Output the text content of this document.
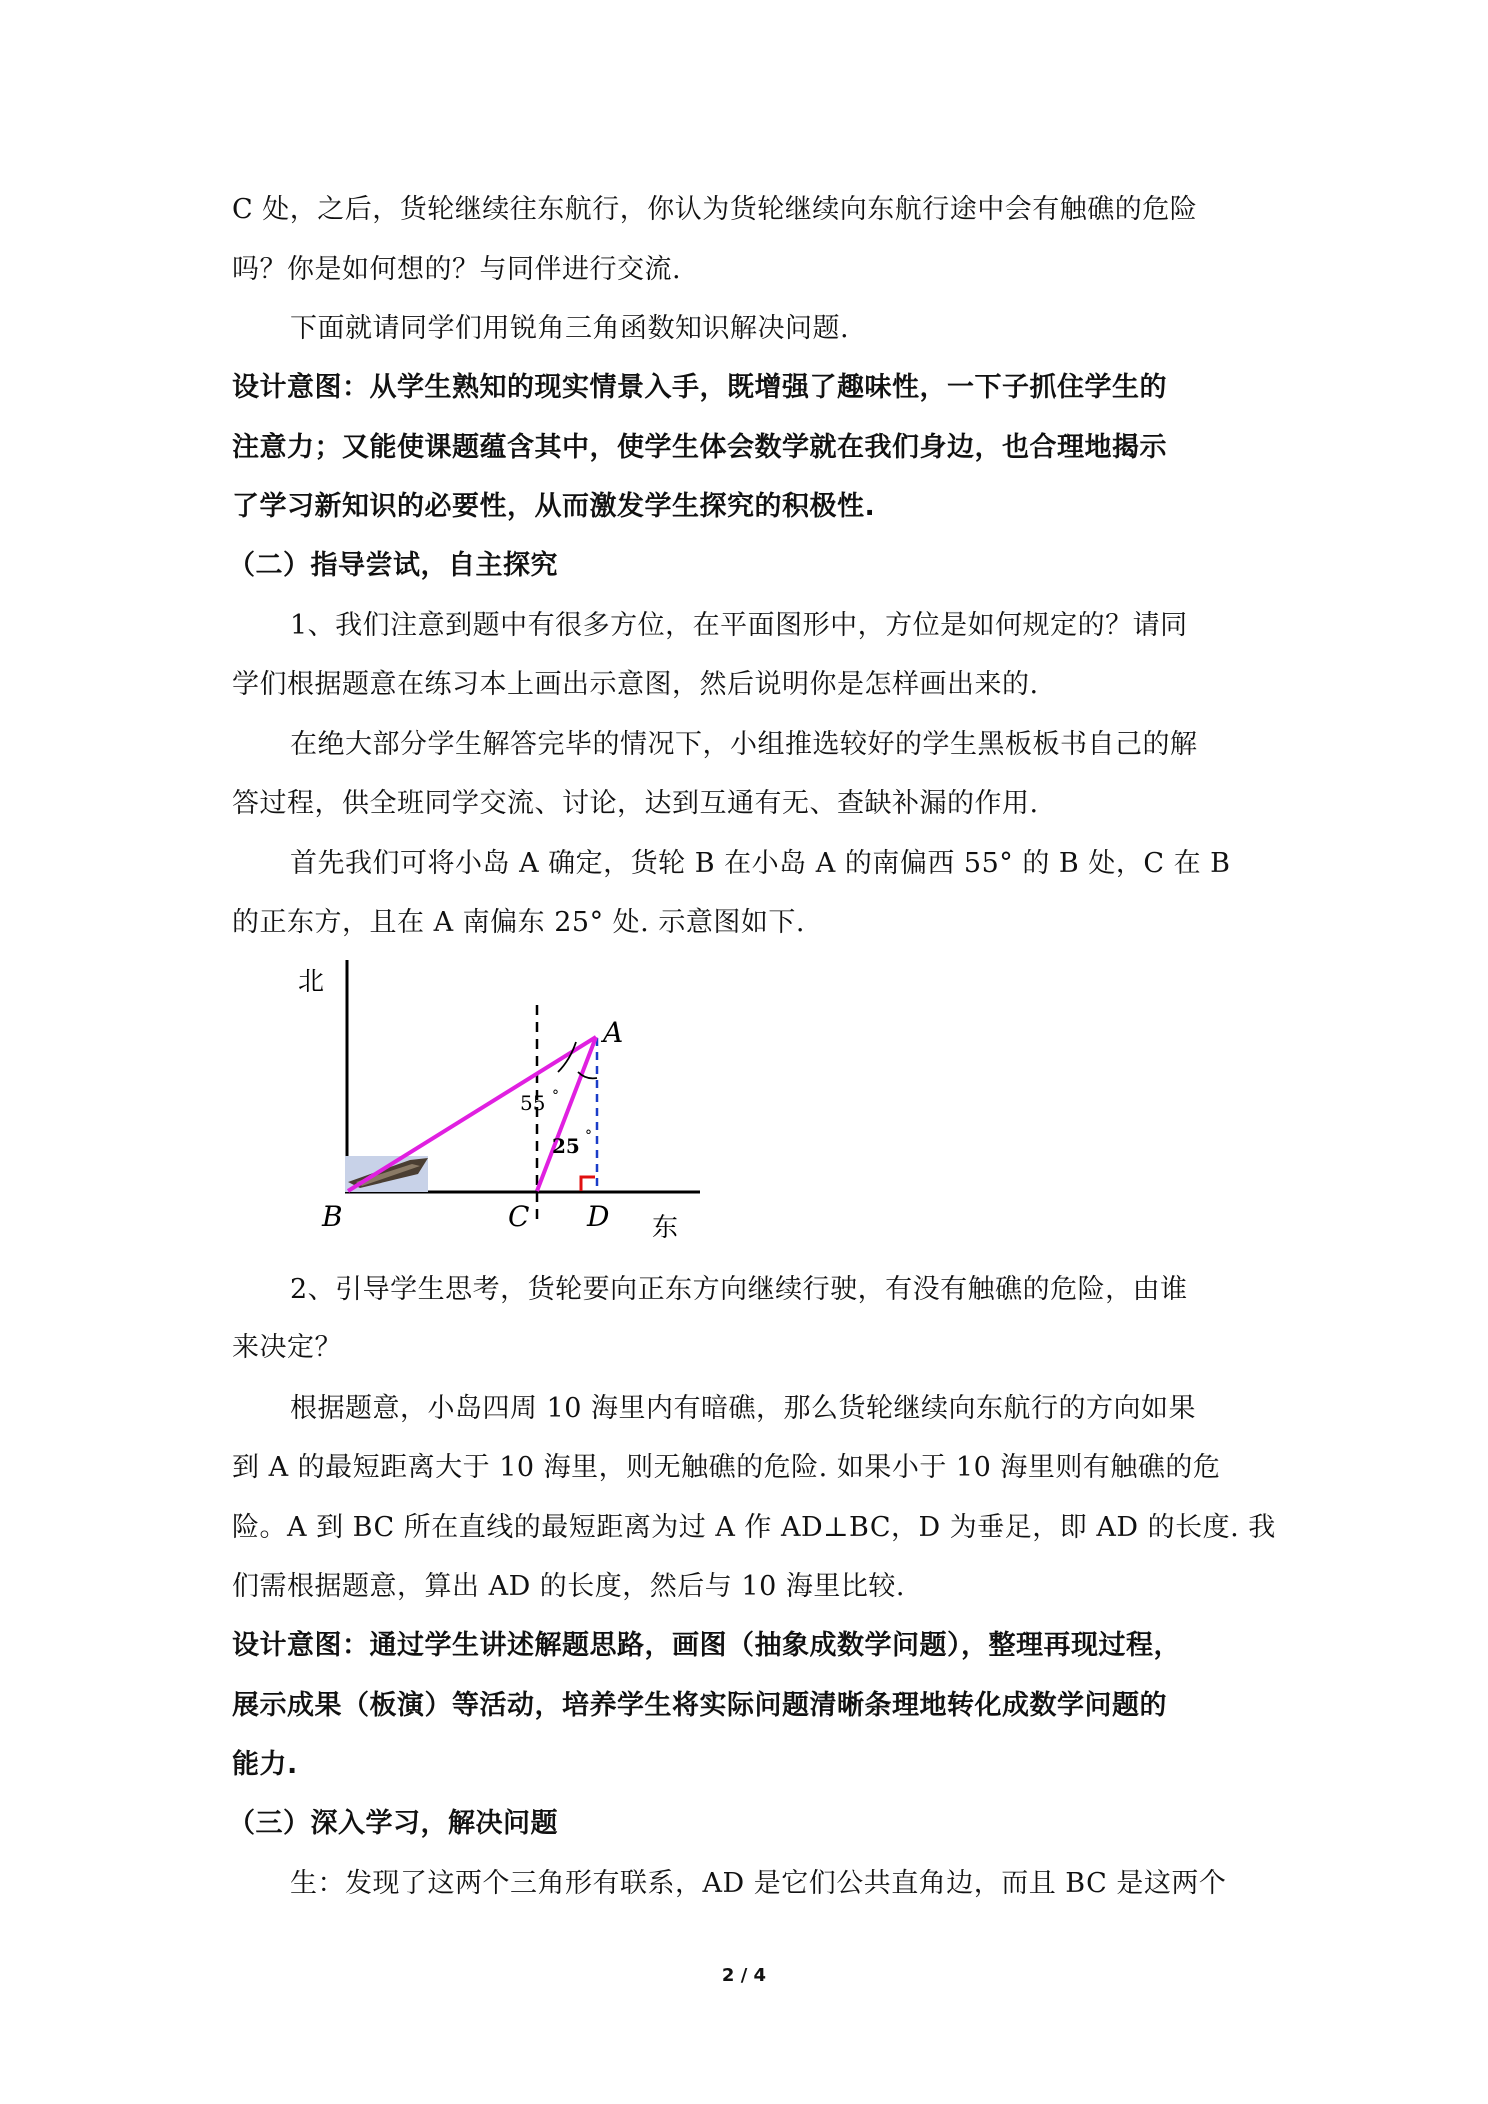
C 处，之后，货轮继续往东航行，你认为货轮继续向东航行途中会有触礁的危险
吗？你是如何想的？与同伴进行交流.
下面就请同学们用锐角三角函数知识解决问题.
设计意图：从学生熟知的现实情景入手，既增强了趣味性，一下子抓住学生的
注意力；又能使课题蕴含其中，使学生体会数学就在我们身边，也合理地揭示
了学习新知识的必要性，从而激发学生探究的积极性.
（二）指导尝试，自主探究
1、我们注意到题中有很多方位，在平面图形中，方位是如何规定的？请同
学们根据题意在练习本上画出示意图，然后说明你是怎样画出来的.
在绝大部分学生解答完毕的情况下，小组推选较好的学生黑板板书自己的解
答过程，供全班同学交流、讨论，达到互通有无、查缺补漏的作用.
首先我们可将小岛 A 确定，货轮 B 在小岛 A 的南偏西 55° 的 B 处，C 在 B
的正东方，且在 A 南偏东 25° 处. 示意图如下.
北
东
55 °
25 °
A
B	C D
2、引导学生思考，货轮要向正东方向继续行驶，有没有触礁的危险，由谁
来决定？
根据题意，小岛四周 10 海里内有暗礁，那么货轮继续向东航行的方向如果
到 A 的最短距离大于 10 海里，则无触礁的危险. 如果小于 10 海里则有触礁的危
险。A 到 BC 所在直线的最短距离为过 A 作 AD⊥BC，D 为垂足，即 AD 的长度. 我
们需根据题意，算出 AD 的长度，然后与 10 海里比较.
设计意图：通过学生讲述解题思路，画图（抽象成数学问题），整理再现过程，
展示成果（板演）等活动，培养学生将实际问题清晰条理地转化成数学问题的
能力.
（三）深入学习，解决问题
生：发现了这两个三角形有联系，AD 是它们公共直角边，而且 BC 是这两个
2 / 4
